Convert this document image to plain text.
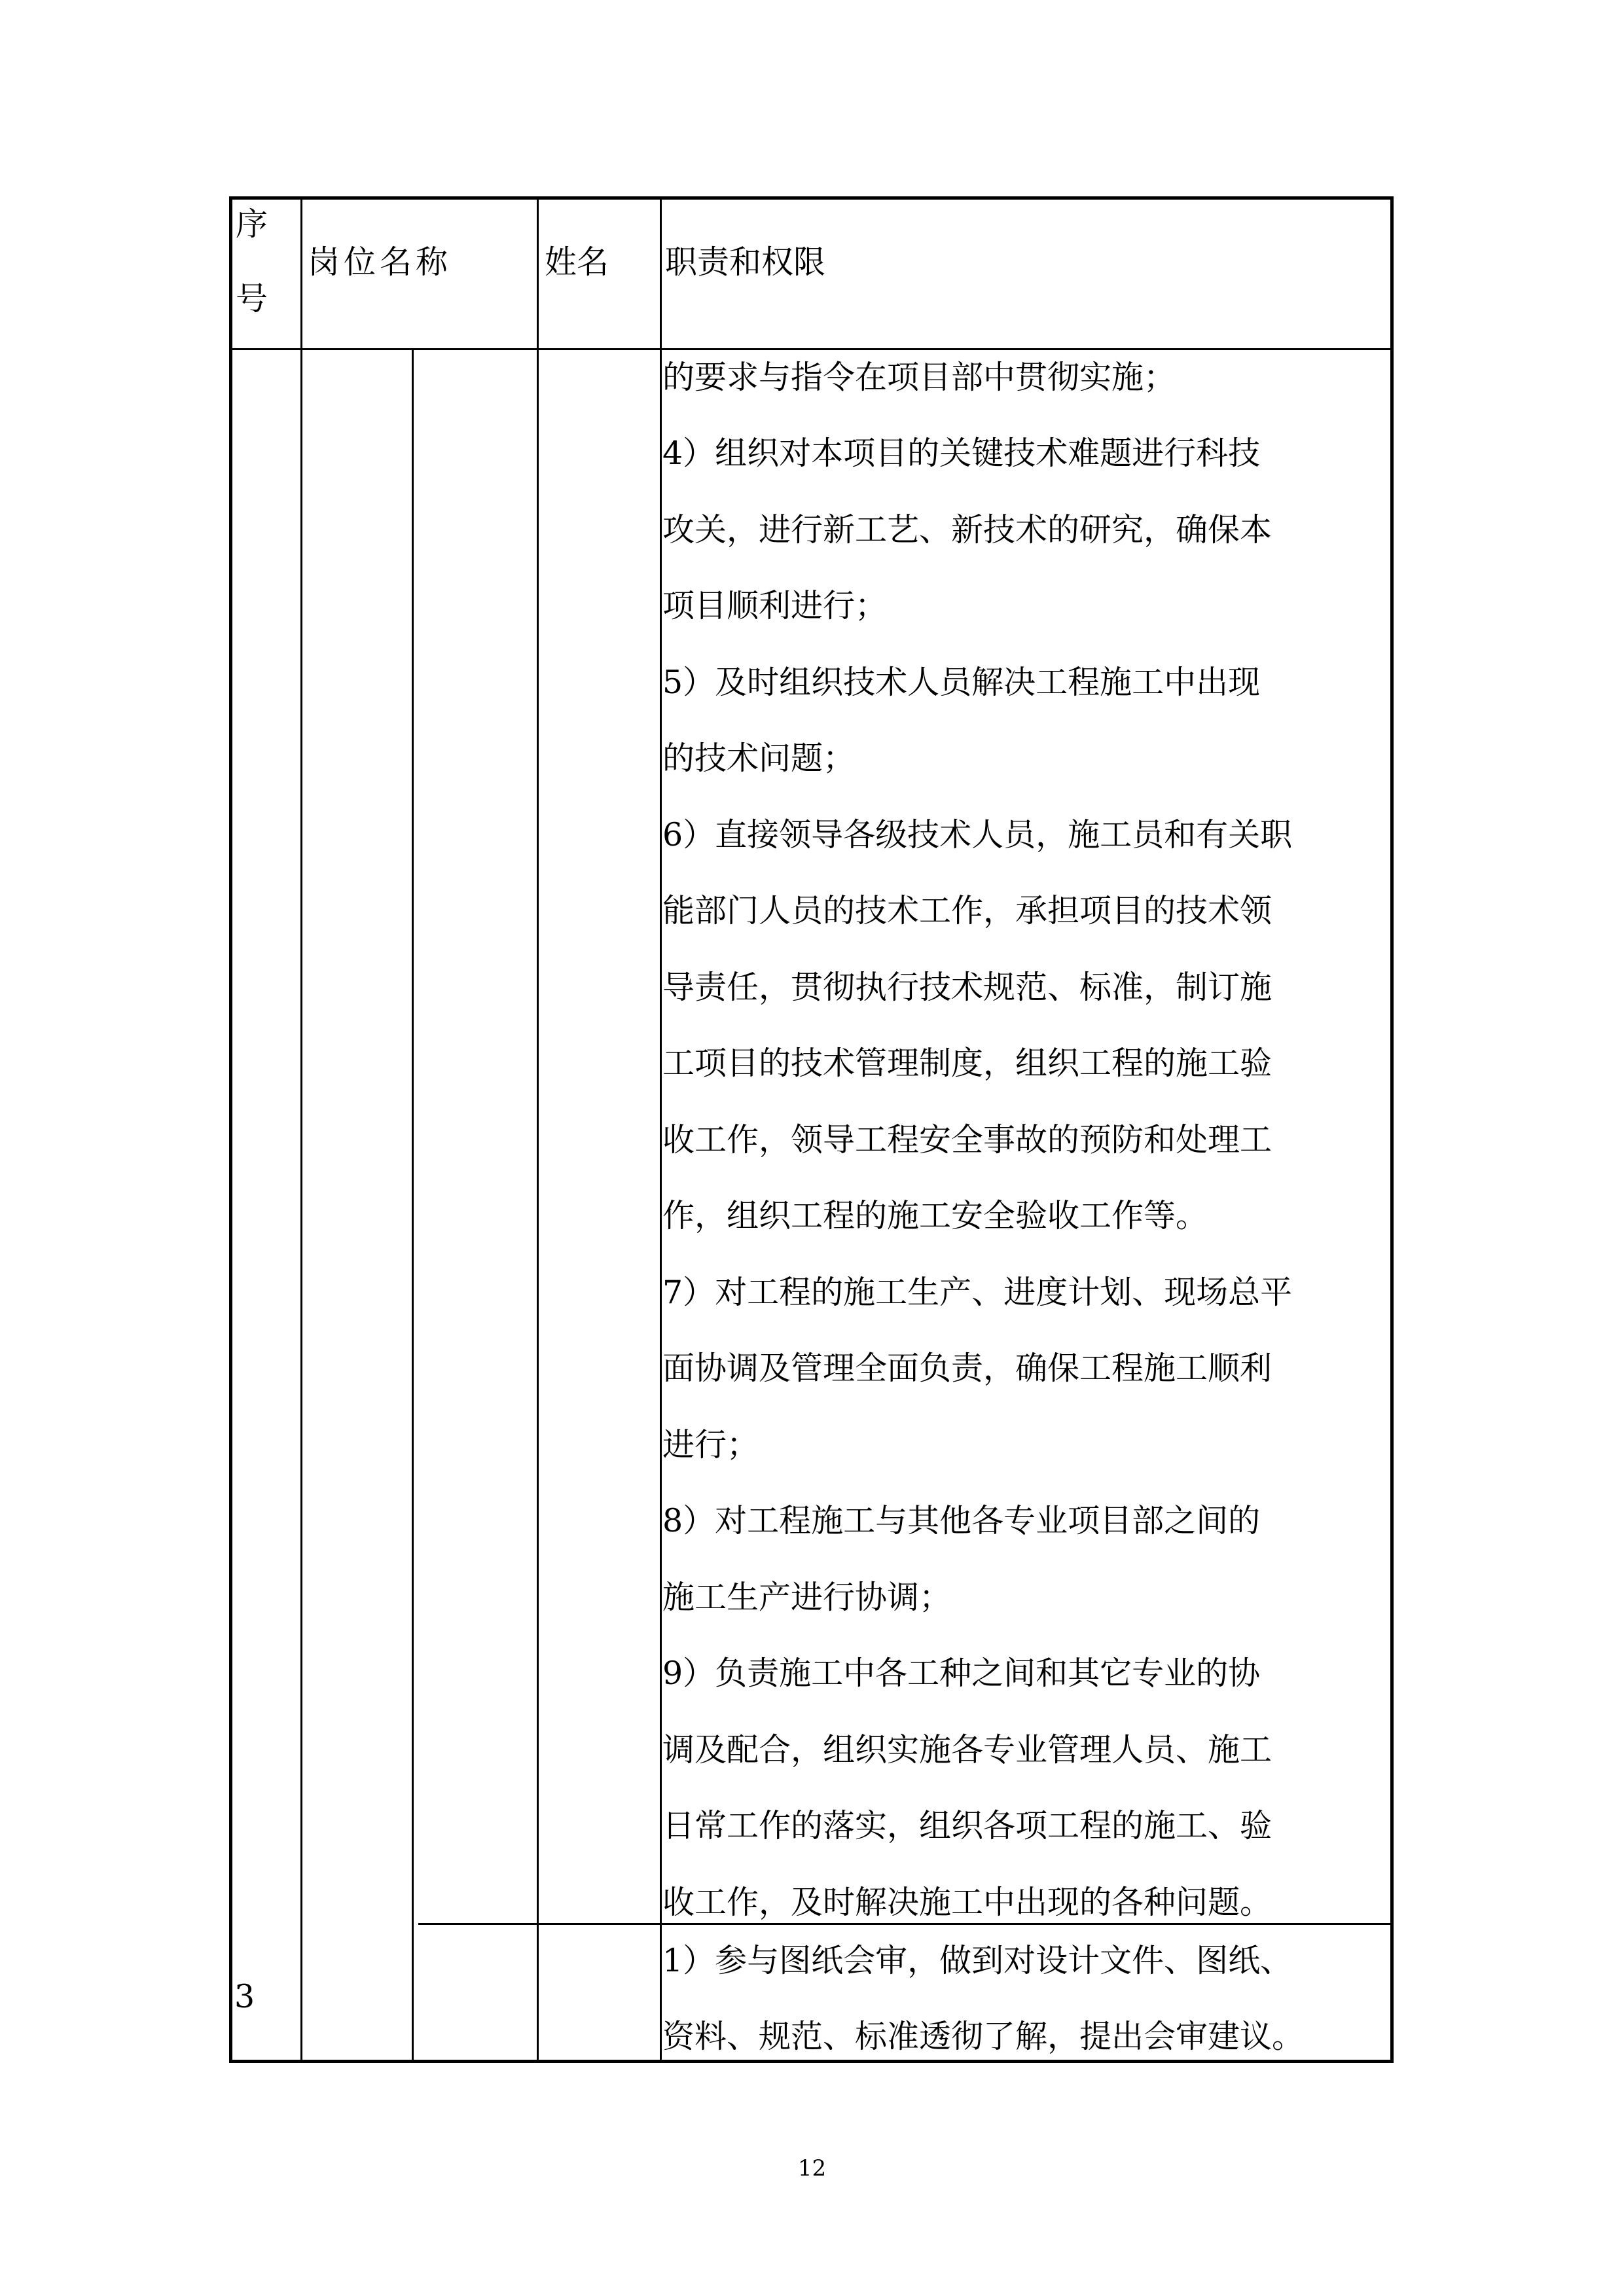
序
号
岗位名称	姓名 职责和权限
3
的要求与指令在项目部中贯彻实施；
4）组织对本项目的关键技术难题进行科技
攻关，进行新工艺、新技术的研究，确保本
项目顺利进行；
5）及时组织技术人员解决工程施工中出现
的技术问题；
6）直接领导各级技术人员，施工员和有关职
能部门人员的技术工作，承担项目的技术领
导责任，贯彻执行技术规范、标准，制订施
工项目的技术管理制度，组织工程的施工验
收工作，领导工程安全事故的预防和处理工
作，组织工程的施工安全验收工作等。
7）对工程的施工生产、进度计划、现场总平
面协调及管理全面负责，确保工程施工顺利
进行；
8）对工程施工与其他各专业项目部之间的
施工生产进行协调；
9）负责施工中各工种之间和其它专业的协
调及配合，组织实施各专业管理人员、施工
日常工作的落实，组织各项工程的施工、验
收工作，及时解决施工中出现的各种问题。
1）参与图纸会审，做到对设计文件、图纸、
资料、规范、标准透彻了解，提出会审建议。
12
